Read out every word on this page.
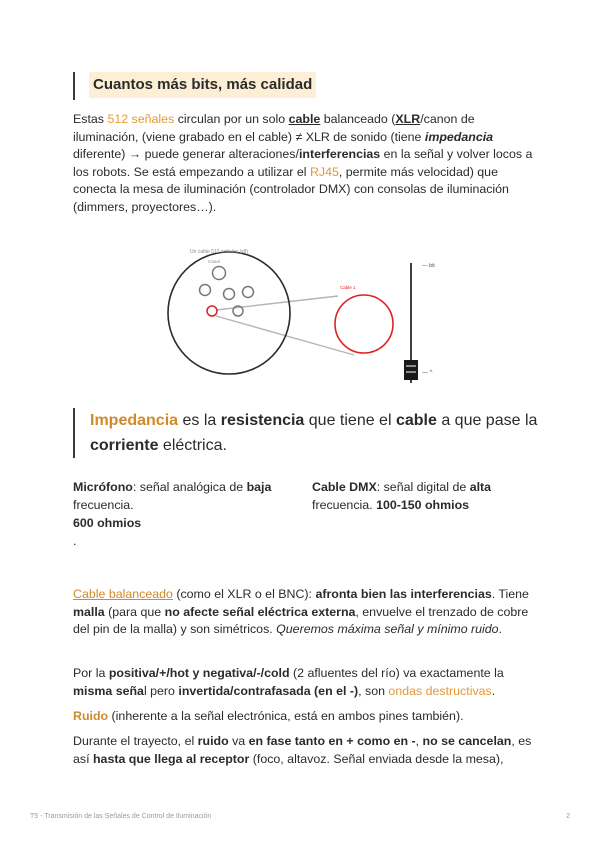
Cuantos más bits, más calidad

Estas 512 señales circulan por un solo cable balanceado (XLR/canon de iluminación, (viene grabado en el cable) ≠ XLR de sonido (tiene impedancia diferente) → puede generar alteraciones/interferencias en la señal y volver locos a los robots. Se está empezando a utilizar el RJ45, permite más velocidad) que conecta la mesa de iluminación (controlador DMX) con consolas de iluminación (dimmers, proyectores…).

Un cable 512 señales (x8)
Canal
Cable 1
— bit
— ^
Impedancia es la resistencia que tiene el cable a que pase la corriente eléctrica.
Micrófono: señal analógica de baja frecuencia.
600 ohmios
.
Cable DMX: señal digital de alta frecuencia. 100-150 ohmios

Cable balanceado (como el XLR o el BNC): afronta bien las interferencias. Tiene malla (para que no afecte señal eléctrica externa, envuelve el trenzado de cobre del pin de la malla) y son simétricos. Queremos máxima señal y mínimo ruido.

Por la positiva/+/hot y negativa/-/cold (2 afluentes del río) va exactamente la misma señal pero invertida/contrafasada (en el -), son ondas destructivas.

Ruido (inherente a la señal electrónica, está en ambos pines también).

Durante el trayecto, el ruido va en fase tanto en + como en -, no se cancelan, es así hasta que llega al receptor (foco, altavoz. Señal enviada desde la mesa),

T5 - Transmisión de las Señales de Control de Iluminación	2
